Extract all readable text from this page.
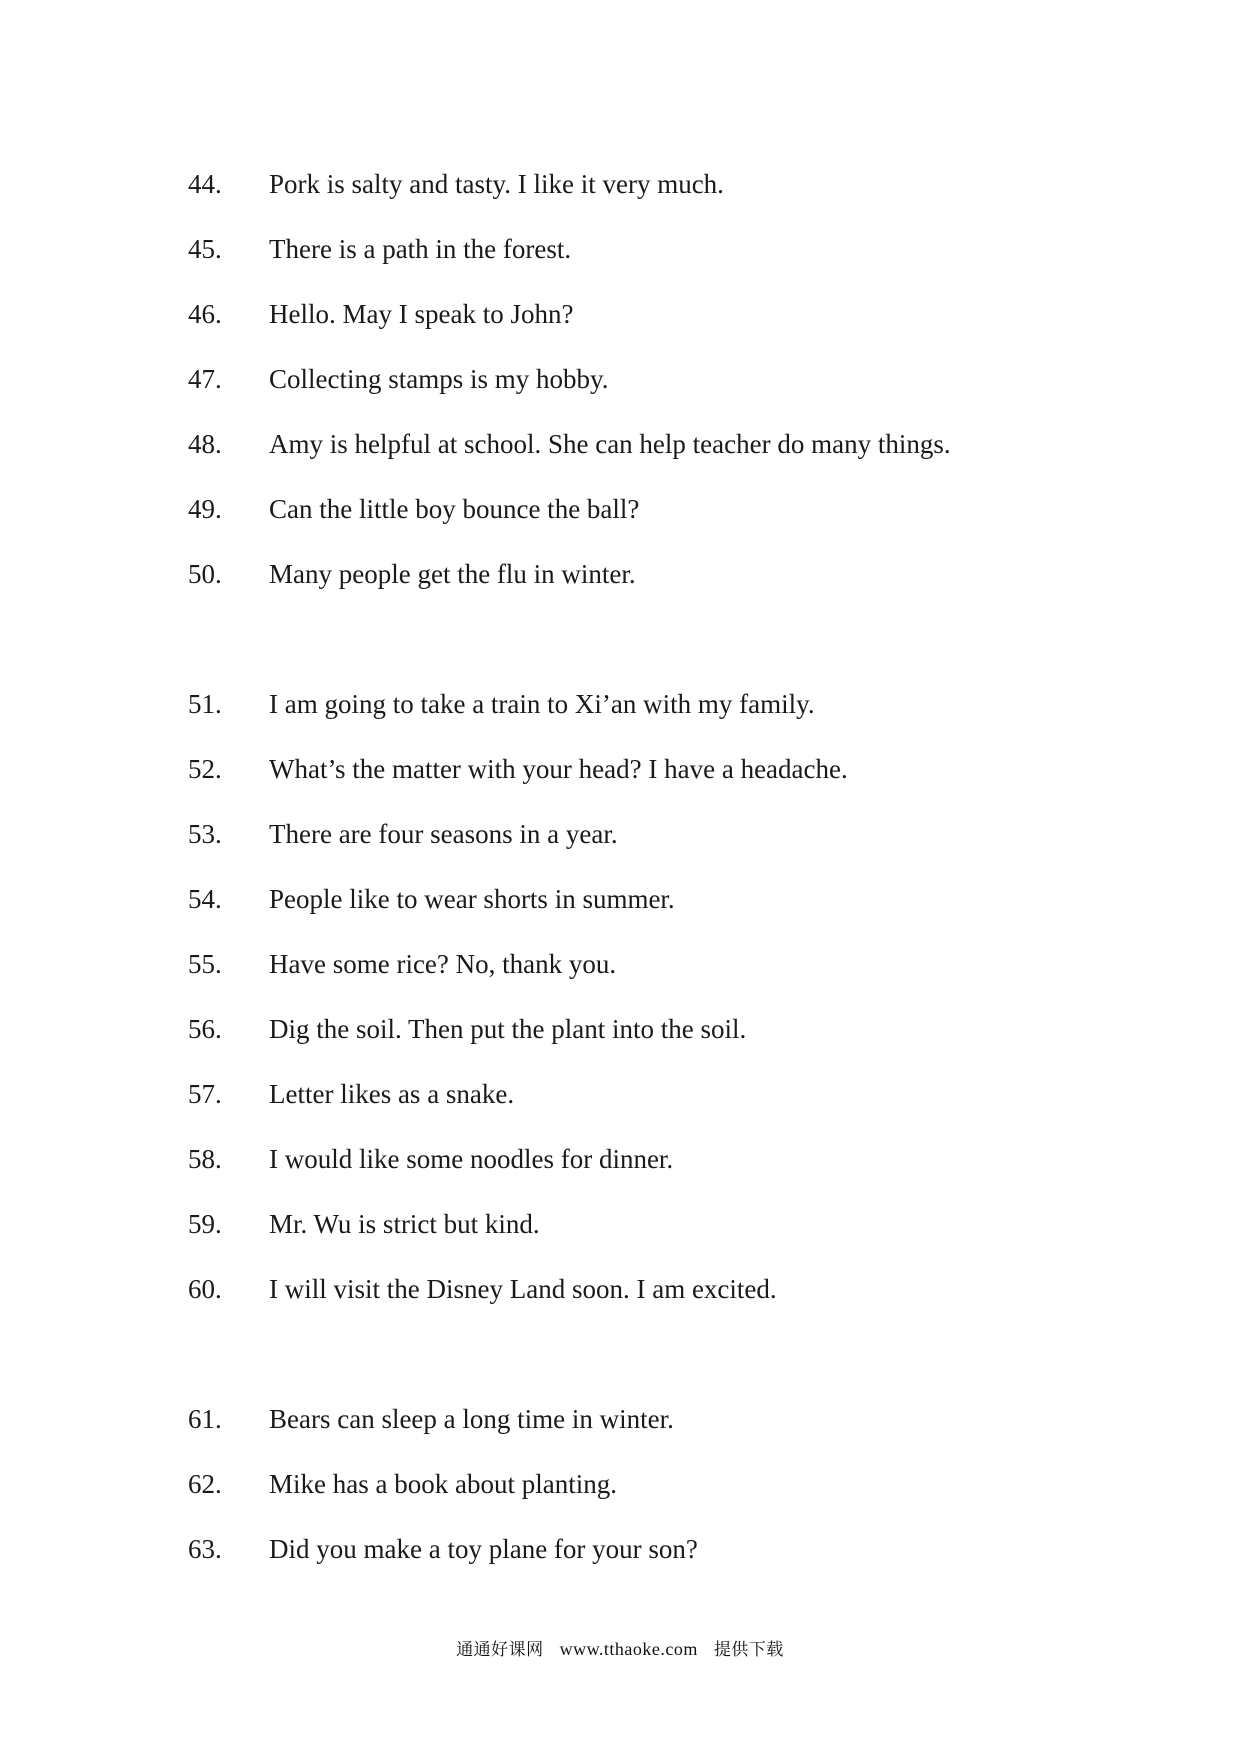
44.	Pork is salty and tasty. I like it very much.
45.	There is a path in the forest.
46.	Hello. May I speak to John?
47.	Collecting stamps is my hobby.
48.	Amy is helpful at school. She can help teacher do many things.
49.	Can the little boy bounce the ball?
50.	Many people get the flu in winter.
51.	I am going to take a train to Xi’an with my family.
52.	What’s the matter with your head? I have a headache.
53.	There are four seasons in a year.
54.	People like to wear shorts in summer.
55.	Have some rice? No, thank you.
56.	Dig the soil. Then put the plant into the soil.
57.	Letter likes as a snake.
58.	I would like some noodles for dinner.
59.	Mr. Wu is strict but kind.
60.	I will visit the Disney Land soon. I am excited.
61.	Bears can sleep a long time in winter.
62.	Mike has a book about planting.
63.	Did you make a toy plane for your son?
通通好课网 www.tthaoke.com 提供下载
